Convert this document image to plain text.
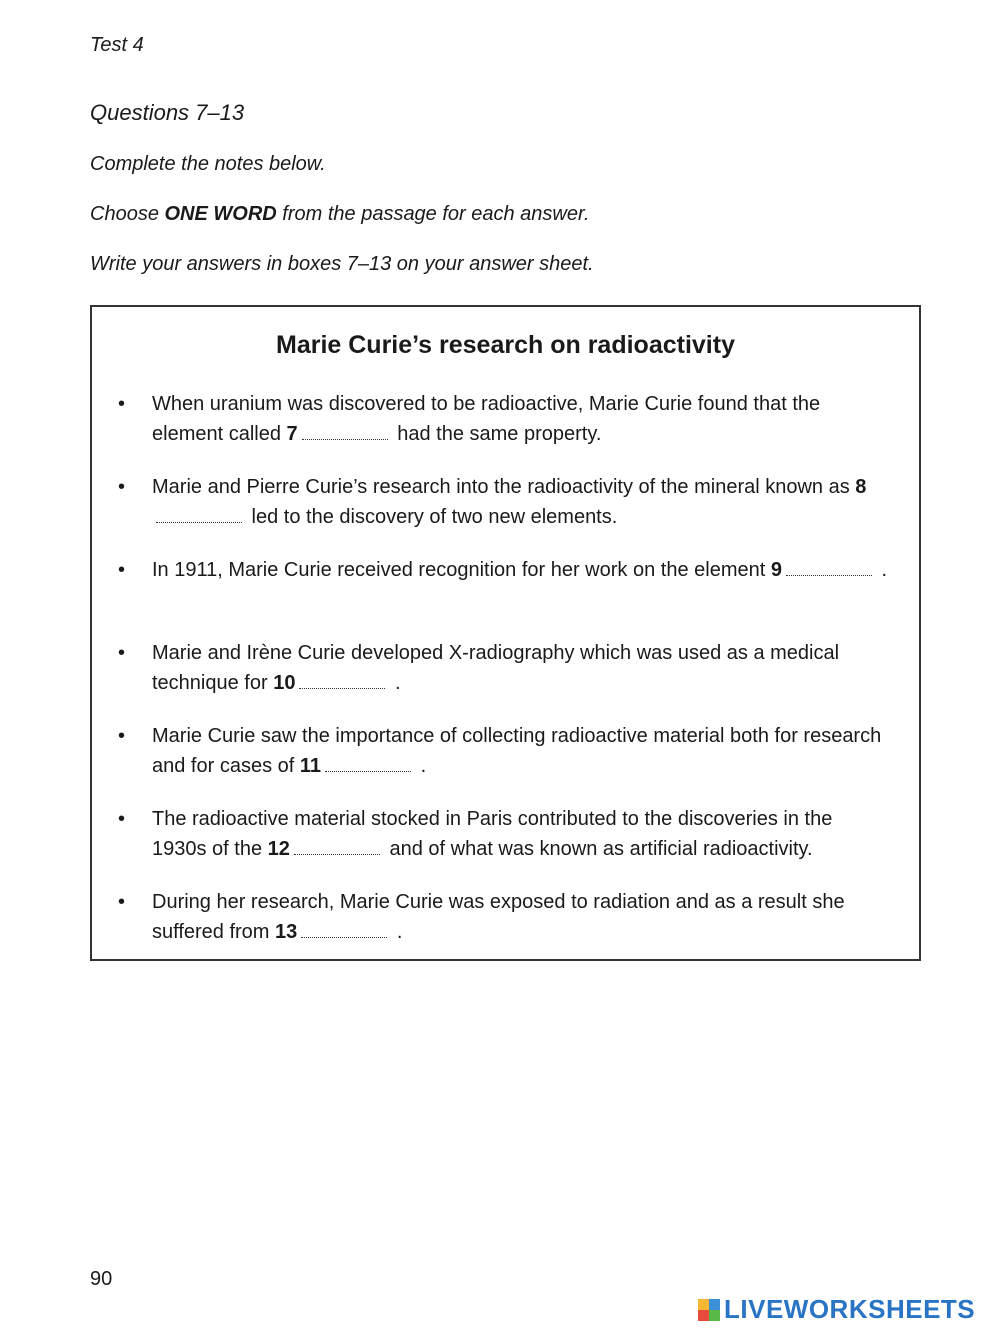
Test 4
Questions 7–13
Complete the notes below.
Choose ONE WORD from the passage for each answer.
Write your answers in boxes 7–13 on your answer sheet.
Marie Curie’s research on radioactivity
• When uranium was discovered to be radioactive, Marie Curie found that the element called 7	had the same property.
• Marie and Pierre Curie’s research into the radioactivity of the mineral known as 8 led to the discovery of two new elements.
• In 1911, Marie Curie received recognition for her work on the element 9	.
• Marie and Irène Curie developed X-radiography which was used as a medical technique for 10	.
• Marie Curie saw the importance of collecting radioactive material both for research and for cases of 11	.
• The radioactive material stocked in Paris contributed to the discoveries in the 1930s of the 12	and of what was known as artificial radioactivity.
• During her research, Marie Curie was exposed to radiation and as a result she suffered from 13	.
90
LIVEWORKSHEETS
